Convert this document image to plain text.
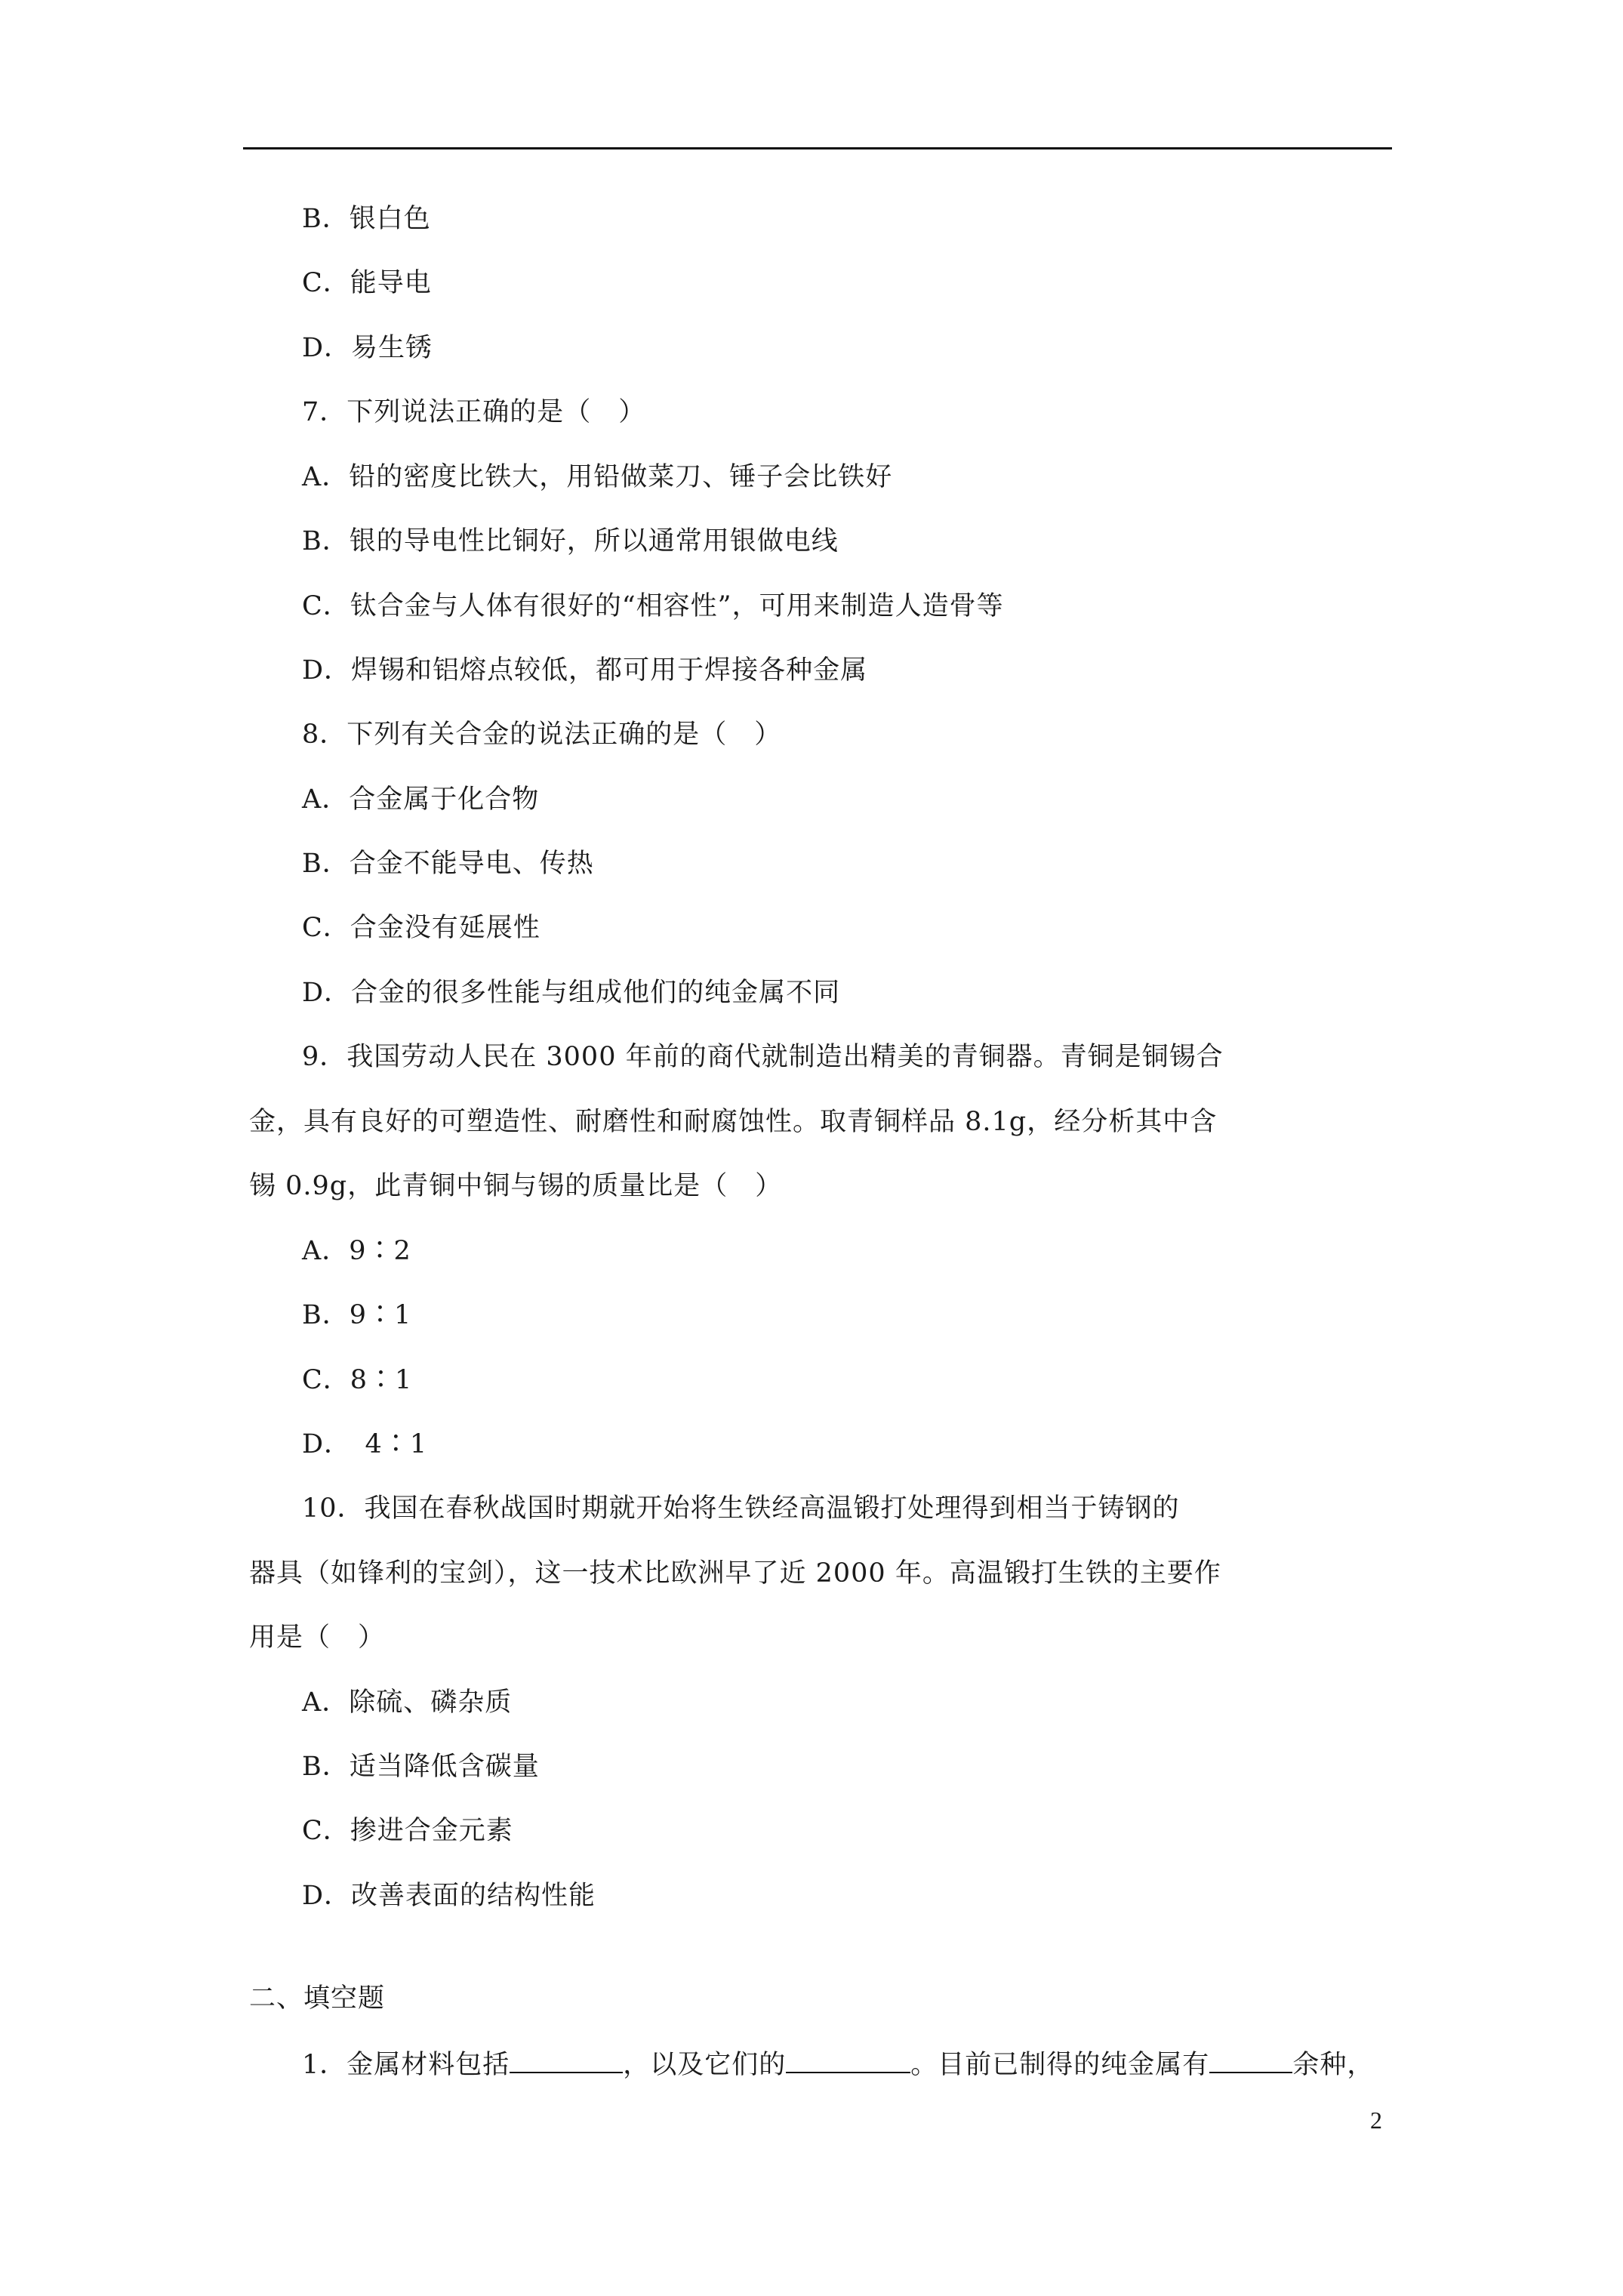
B．银白色
C．能导电
D．易生锈
7．下列说法正确的是（　）
A．铅的密度比铁大，用铅做菜刀、锤子会比铁好
B．银的导电性比铜好，所以通常用银做电线
C．钛合金与人体有很好的“相容性”，可用来制造人造骨等
D．焊锡和铝熔点较低，都可用于焊接各种金属
8．下列有关合金的说法正确的是（　）
A．合金属于化合物
B．合金不能导电、传热
C．合金没有延展性
D．合金的很多性能与组成他们的纯金属不同
9．我国劳动人民在 3000 年前的商代就制造出精美的青铜器。青铜是铜锡合
金，具有良好的可塑造性、耐磨性和耐腐蚀性。取青铜样品 8.1g，经分析其中含
锡 0.9g，此青铜中铜与锡的质量比是（　）
A．9∶2
B．9∶1
C．8∶1
D．　4∶1
10．我国在春秋战国时期就开始将生铁经高温锻打处理得到相当于铸钢的
器具（如锋利的宝剑），这一技术比欧洲早了近 2000 年。高温锻打生铁的主要作
用是（　）
A．除硫、磷杂质
B．适当降低含碳量
C．掺进合金元素
D．改善表面的结构性能
二、填空题
1．金属材料包括	，以及它们的	。目前已制得的纯金属有	余种，
2
